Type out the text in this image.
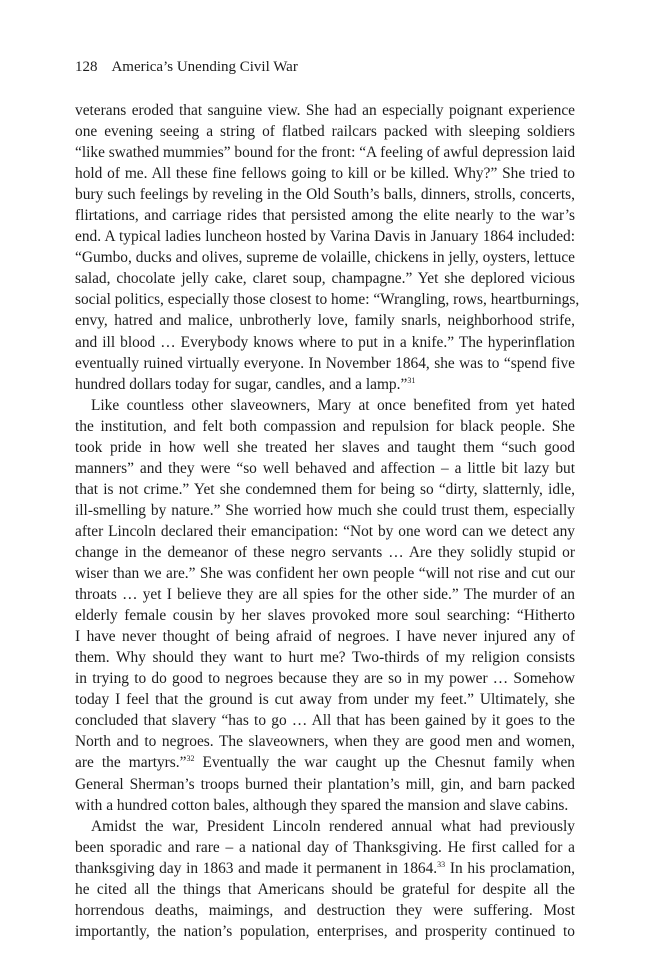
128 America’s Unending Civil War
veterans eroded that sanguine view. She had an especially poignant experience
one evening seeing a string of flatbed railcars packed with sleeping soldiers
“like swathed mummies” bound for the front: “A feeling of awful depression laid
hold of me. All these fine fellows going to kill or be killed. Why?” She tried to
bury such feelings by reveling in the Old South’s balls, dinners, strolls, concerts,
flirtations, and carriage rides that persisted among the elite nearly to the war’s
end. A typical ladies luncheon hosted by Varina Davis in January 1864 included:
“Gumbo, ducks and olives, supreme de volaille, chickens in jelly, oysters, lettuce
salad, chocolate jelly cake, claret soup, champagne.” Yet she deplored vicious
social politics, especially those closest to home: “Wrangling, rows, heartburnings,
envy, hatred and malice, unbrotherly love, family snarls, neighborhood strife,
and ill blood … Everybody knows where to put in a knife.” The hyperinflation
eventually ruined virtually everyone. In November 1864, she was to “spend five
hundred dollars today for sugar, candles, and a lamp.”$^{31}$
Like countless other slaveowners, Mary at once benefited from yet hated
the institution, and felt both compassion and repulsion for black people. She
took pride in how well she treated her slaves and taught them “such good
manners” and they were “so well behaved and affection – a little bit lazy but
that is not crime.” Yet she condemned them for being so “dirty, slatternly, idle,
ill-smelling by nature.” She worried how much she could trust them, especially
after Lincoln declared their emancipation: “Not by one word can we detect any
change in the demeanor of these negro servants … Are they solidly stupid or
wiser than we are.” She was confident her own people “will not rise and cut our
throats … yet I believe they are all spies for the other side.” The murder of an
elderly female cousin by her slaves provoked more soul searching: “Hitherto
I have never thought of being afraid of negroes. I have never injured any of
them. Why should they want to hurt me? Two-thirds of my religion consists
in trying to do good to negroes because they are so in my power … Somehow
today I feel that the ground is cut away from under my feet.” Ultimately, she
concluded that slavery “has to go … All that has been gained by it goes to the
North and to negroes. The slaveowners, when they are good men and women,
are the martyrs.”$^{32}$ Eventually the war caught up the Chesnut family when
General Sherman’s troops burned their plantation’s mill, gin, and barn packed
with a hundred cotton bales, although they spared the mansion and slave cabins.
Amidst the war, President Lincoln rendered annual what had previously
been sporadic and rare – a national day of Thanksgiving. He first called for a
thanksgiving day in 1863 and made it permanent in 1864.33 In his proclamation,
he cited all the things that Americans should be grateful for despite all the
horrendous deaths, maimings, and destruction they were suffering. Most
importantly, the nation’s population, enterprises, and prosperity continued to
